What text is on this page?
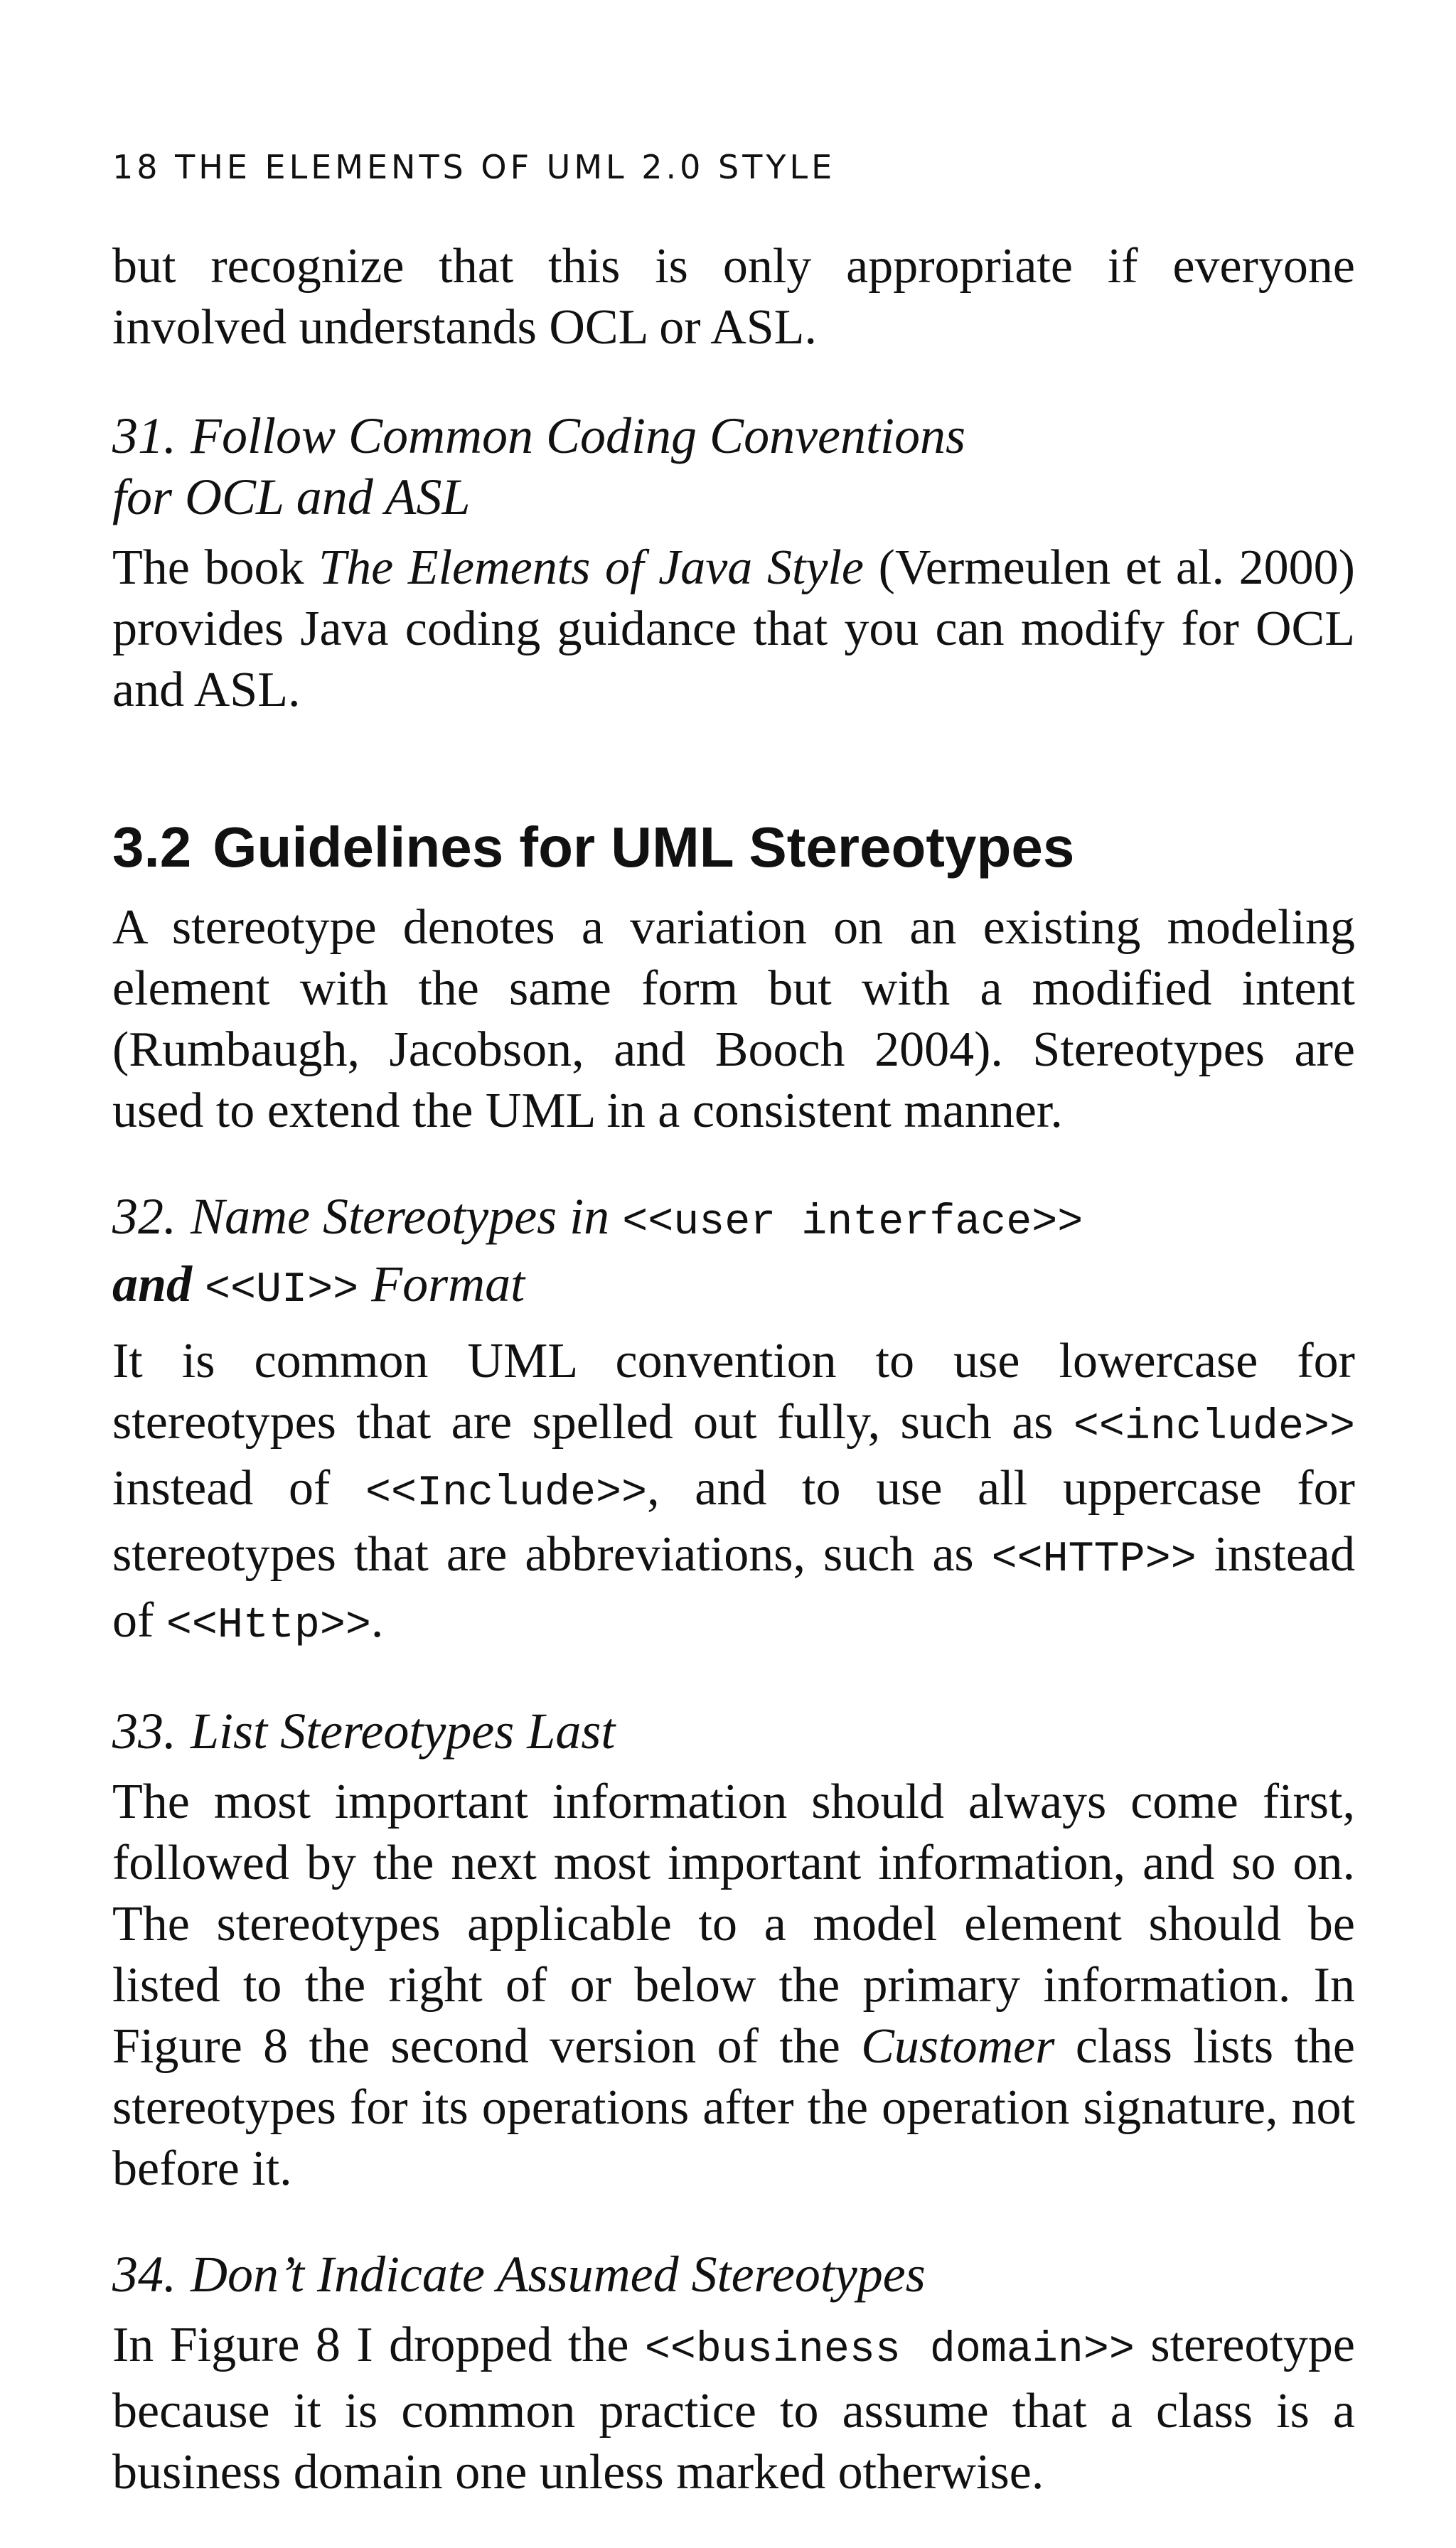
18 THE ELEMENTS OF UML 2.0 STYLE

but recognize that this is only appropriate if everyone involved understands OCL or ASL.

31. Follow Common Coding Conventions
for OCL and ASL

The book The Elements of Java Style (Vermeulen et al. 2000) provides Java coding guidance that you can modify for OCL and ASL.

3.2 Guidelines for UML Stereotypes

A stereotype denotes a variation on an existing modeling element with the same form but with a modified intent (Rumbaugh, Jacobson, and Booch 2004). Stereotypes are used to extend the UML in a consistent manner.

32. Name Stereotypes in <<user interface>>
and <<UI>> Format

It is common UML convention to use lowercase for stereotypes that are spelled out fully, such as <<include>> instead of <<Include>>, and to use all uppercase for stereotypes that are abbreviations, such as <<HTTP>> instead of <<Http>>.

33. List Stereotypes Last

The most important information should always come first, followed by the next most important information, and so on. The stereotypes applicable to a model element should be listed to the right of or below the primary information. In Figure 8 the second version of the Customer class lists the stereotypes for its operations after the operation signature, not before it.

34. Don’t Indicate Assumed Stereotypes

In Figure 8 I dropped the <<business domain>> stereotype because it is common practice to assume that a class is a business domain one unless marked otherwise.
